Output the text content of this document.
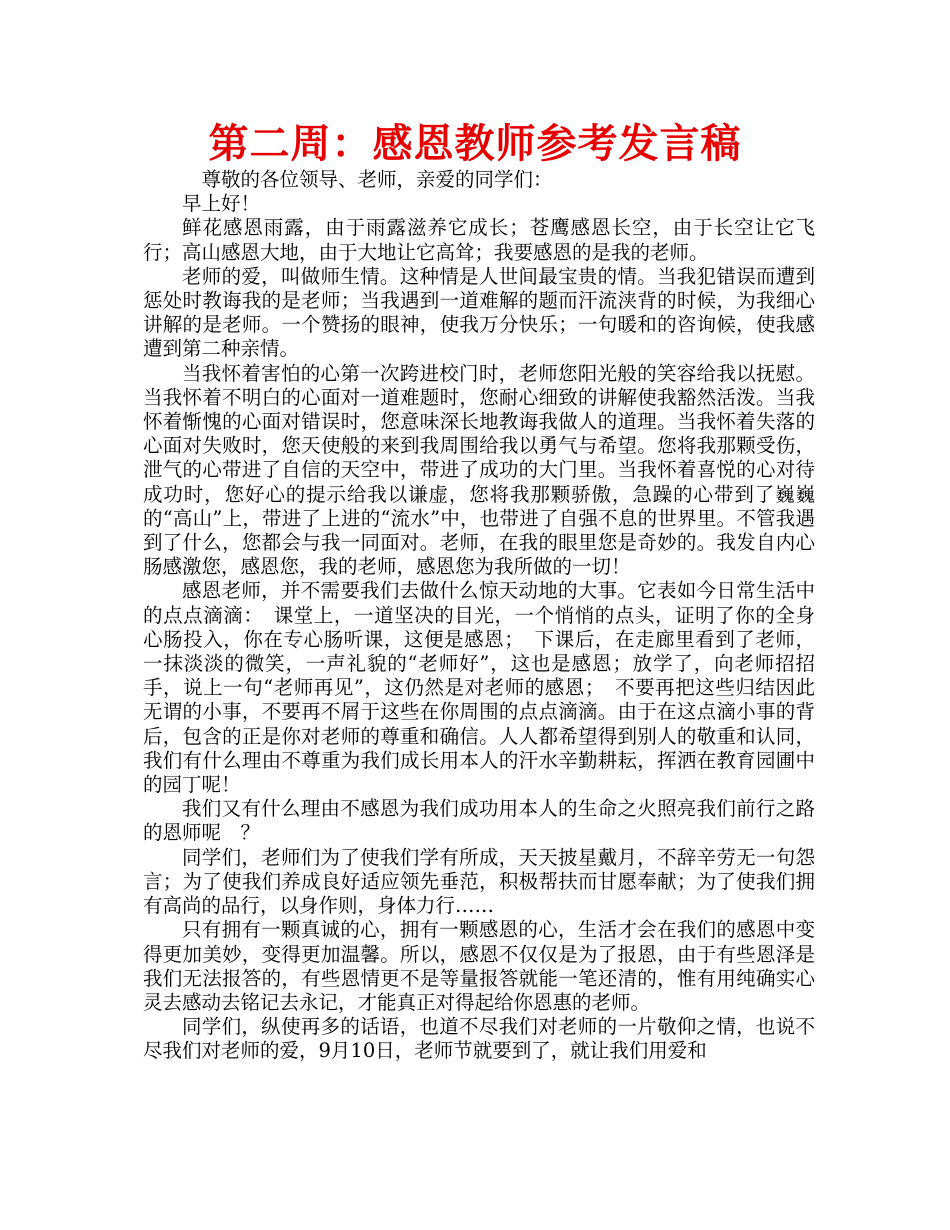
第二周：感恩教师参考发言稿

尊敬的各位领导、老师，亲爱的同学们：

早上好！

鲜花感恩雨露，由于雨露滋养它成长；苍鹰感恩长空，由于长空让它飞行；高山感恩大地，由于大地让它高耸；我要感恩的是我的老师。

老师的爱，叫做师生情。这种情是人世间最宝贵的情。当我犯错误而遭到惩处时教诲我的是老师；当我遇到一道难解的题而汗流浃背的时候，为我细心讲解的是老师。一个赞扬的眼神，使我万分快乐；一句暖和的咨询候，使我感遭到第二种亲情。

当我怀着害怕的心第一次跨进校门时，老师您阳光般的笑容给我以抚慰。当我怀着不明白的心面对一道难题时，您耐心细致的讲解使我豁然活泼。当我怀着惭愧的心面对错误时，您意味深长地教诲我做人的道理。当我怀着失落的心面对失败时，您天使般的来到我周围给我以勇气与希望。您将我那颗受伤，泄气的心带进了自信的天空中，带进了成功的大门里。当我怀着喜悦的心对待成功时，您好心的提示给我以谦虚，您将我那颗骄傲，急躁的心带到了巍巍的“高山”上，带进了上进的“流水”中，也带进了自强不息的世界里。不管我遇到了什么，您都会与我一同面对。老师，在我的眼里您是奇妙的。我发自内心肠感激您，感恩您，我的老师，感恩您为我所做的一切！

感恩老师，并不需要我们去做什么惊天动地的大事。它表如今日常生活中的点点滴滴：　课堂上，一道坚决的目光，一个悄悄的点头，证明了你的全身心肠投入，你在专心肠听课，这便是感恩；　下课后，在走廊里看到了老师，一抹淡淡的微笑，一声礼貌的“老师好”，这也是感恩；放学了，向老师招招手，说上一句“老师再见”，这仍然是对老师的感恩；　不要再把这些归结因此无谓的小事，不要再不屑于这些在你周围的点点滴滴。由于在这点滴小事的背后，包含的正是你对老师的尊重和确信。人人都希望得到别人的敬重和认同，我们有什么理由不尊重为我们成长用本人的汗水辛勤耕耘，挥洒在教育园圃中的园丁呢！

我们又有什么理由不感恩为我们成功用本人的生命之火照亮我们前行之路的恩师呢　？

同学们，老师们为了使我们学有所成，天天披星戴月，不辞辛劳无一句怨言；为了使我们养成良好适应领先垂范，积极帮扶而甘愿奉献；为了使我们拥有高尚的品行，以身作则，身体力行……

只有拥有一颗真诚的心，拥有一颗感恩的心，生活才会在我们的感恩中变得更加美妙，变得更加温馨。所以，感恩不仅仅是为了报恩，由于有些恩泽是我们无法报答的，有些恩情更不是等量报答就能一笔还清的，惟有用纯确实心灵去感动去铭记去永记，才能真正对得起给你恩惠的老师。

同学们，纵使再多的话语，也道不尽我们对老师的一片敬仰之情，也说不尽我们对老师的爱，9月10日，老师节就要到了，就让我们用爱和
